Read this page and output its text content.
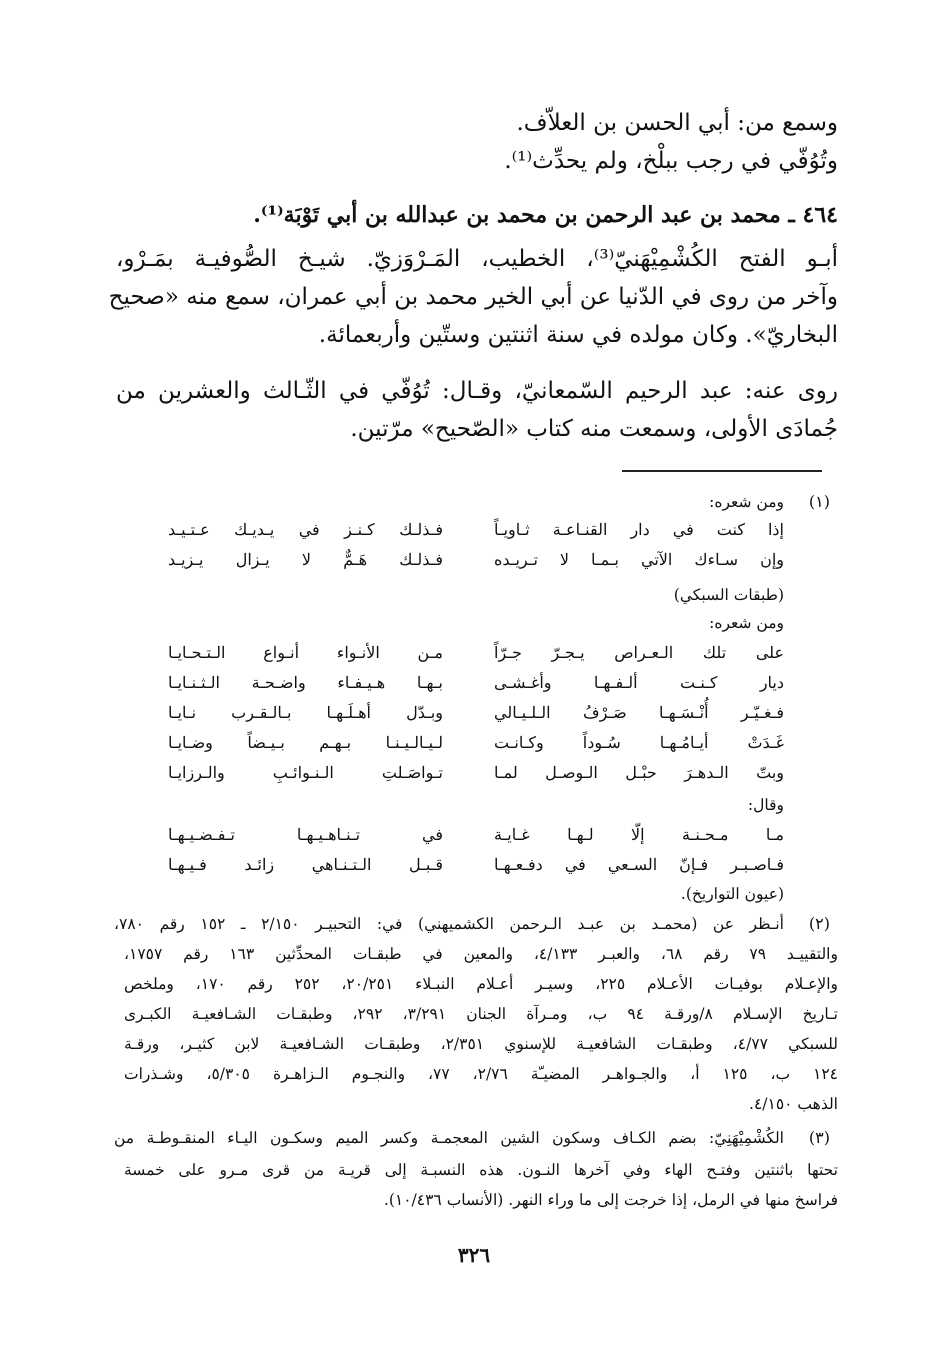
وسمع من: أبي الحسن بن العلاّف.

وتُوُفّي في رجب ببلْخ، ولم يحدِّث⁽¹⁾.

٤٦٤ ـ محمد بن عبد الرحمن بن محمد بن عبدالله بن أبي تَوْبَة⁽¹⁾.

أبـو الفتح الكُشْمِيْهَنيّ⁽³⁾، الخطيب، المَـرْوَزيّ. شيـخ الصُّوفيـة بمَـرْو،

وآخر من روى في الدّنيا عن أبي الخير محمد بن أبي عمران، سمع منه «صحيح

البخاريّ». وكان مولده في سنة اثنتين وستّين وأربعمائة.

روى عنه: عبد الرحيم السّمعانيّ، وقـال: تُوُفّي في الثّـالث والعشرين من

جُمادَى الأولى، وسمعت منه كتاب «الصّحيح» مرّتين.

(١)
ومن شعره:
إذا كنت في دار القنـاعـة ثـاويـاً
فـذلـك كـنـز في يـديـك عـتـيـد
وإن سـاءك الآتي بـمـا لا تـريـده
فـذلـك هَـمٌّ لا يـزال يـزيـد
(طبقات السبكي)
ومن شعره:
على تلك الـعـراص يـجـرّ جـرّاً
مـن الأنـواء أنـواع الـتـحـايـا
ديار كـنـت ألـفـهـا وأغـشـى
بـهـا هـيـفـاء واضـحـة الـثـنـايـا
فـغـيّـر أُنْـسَـهـا صَـرْفُ الـلـيـالي
وبـدّل أهـلَـهـا بـالـقـرب نـايـا
غَـدَتْ أيـامُـهـا سُـوداً وكـانـت
لـيـالـيـنـا بـهـم بـيـضاً وضـايـا
وبتّ الـدهـرَ حبْـل الـوصـل لمـا
تـواصَـلتِ الـنـوائـبِ والـرزايـا
وقال:
مـا مـحـنـة إلّا لـهـا غـايـة
في تـنـاهـيـهـا تـفـضـيـهـا
فـاصـبـر فـإنّ السـعي في دفـعـهـا
قـبـل الـتـنـاهي زائـد فـيـهـا
(عيون التواريخ).
(٢)
أنـظر عن (محمـد بن عبـد الـرحمن الكشميهني) في: التحبيـر ٢/١٥٠ ـ ١٥٢ رقم ٧٨٠،
والتقييـد ٧٩ رقم ٦٨، والعبـر ٤/١٣٣، والمعين في طبقـات المحدِّثين ١٦٣ رقم ١٧٥٧،
والإعـلام بوفيـات الأعـلام ٢٢٥، وسيـر أعـلام النبـلاء ٢٠/٢٥١، ٢٥٢ رقم ١٧٠، وملخص
تـاريخ الإسـلام ٨/ورقـة ٩٤ ب، ومـرآة الجنان ٣/٢٩١، ٢٩٢، وطبقـات الشـافعيـة الكبـرى
للسبكي ٤/٧٧، وطبقـات الشافعيـة للإسنوي ٢/٣٥١، وطبقـات الشـافعيـة لابن كثيـر، ورقـة
١٢٤ ب، ١٢٥ أ، والجـواهـر المضيـّة ٢/٧٦، ٧٧، والنجـوم الـزاهـرة ٥/٣٠٥، وشـذرات
الذهب ٤/١٥٠.
(٣)
الكُشْمِيْهَنِيّ: بضم الكـاف وسكون الشين المعجمـة وكسر الميم وسكـون اليـاء المنقـوطـة من
تحتها باثنتين وفتـح الهاء وفي آخرها النـون. هذه النسبـة إلى قريـة من قرى مـرو على خمسة
فراسخ منها في الرمل، إذا خرجت إلى ما وراء النهر. (الأنساب ١٠/٤٣٦).
٣٢٦
